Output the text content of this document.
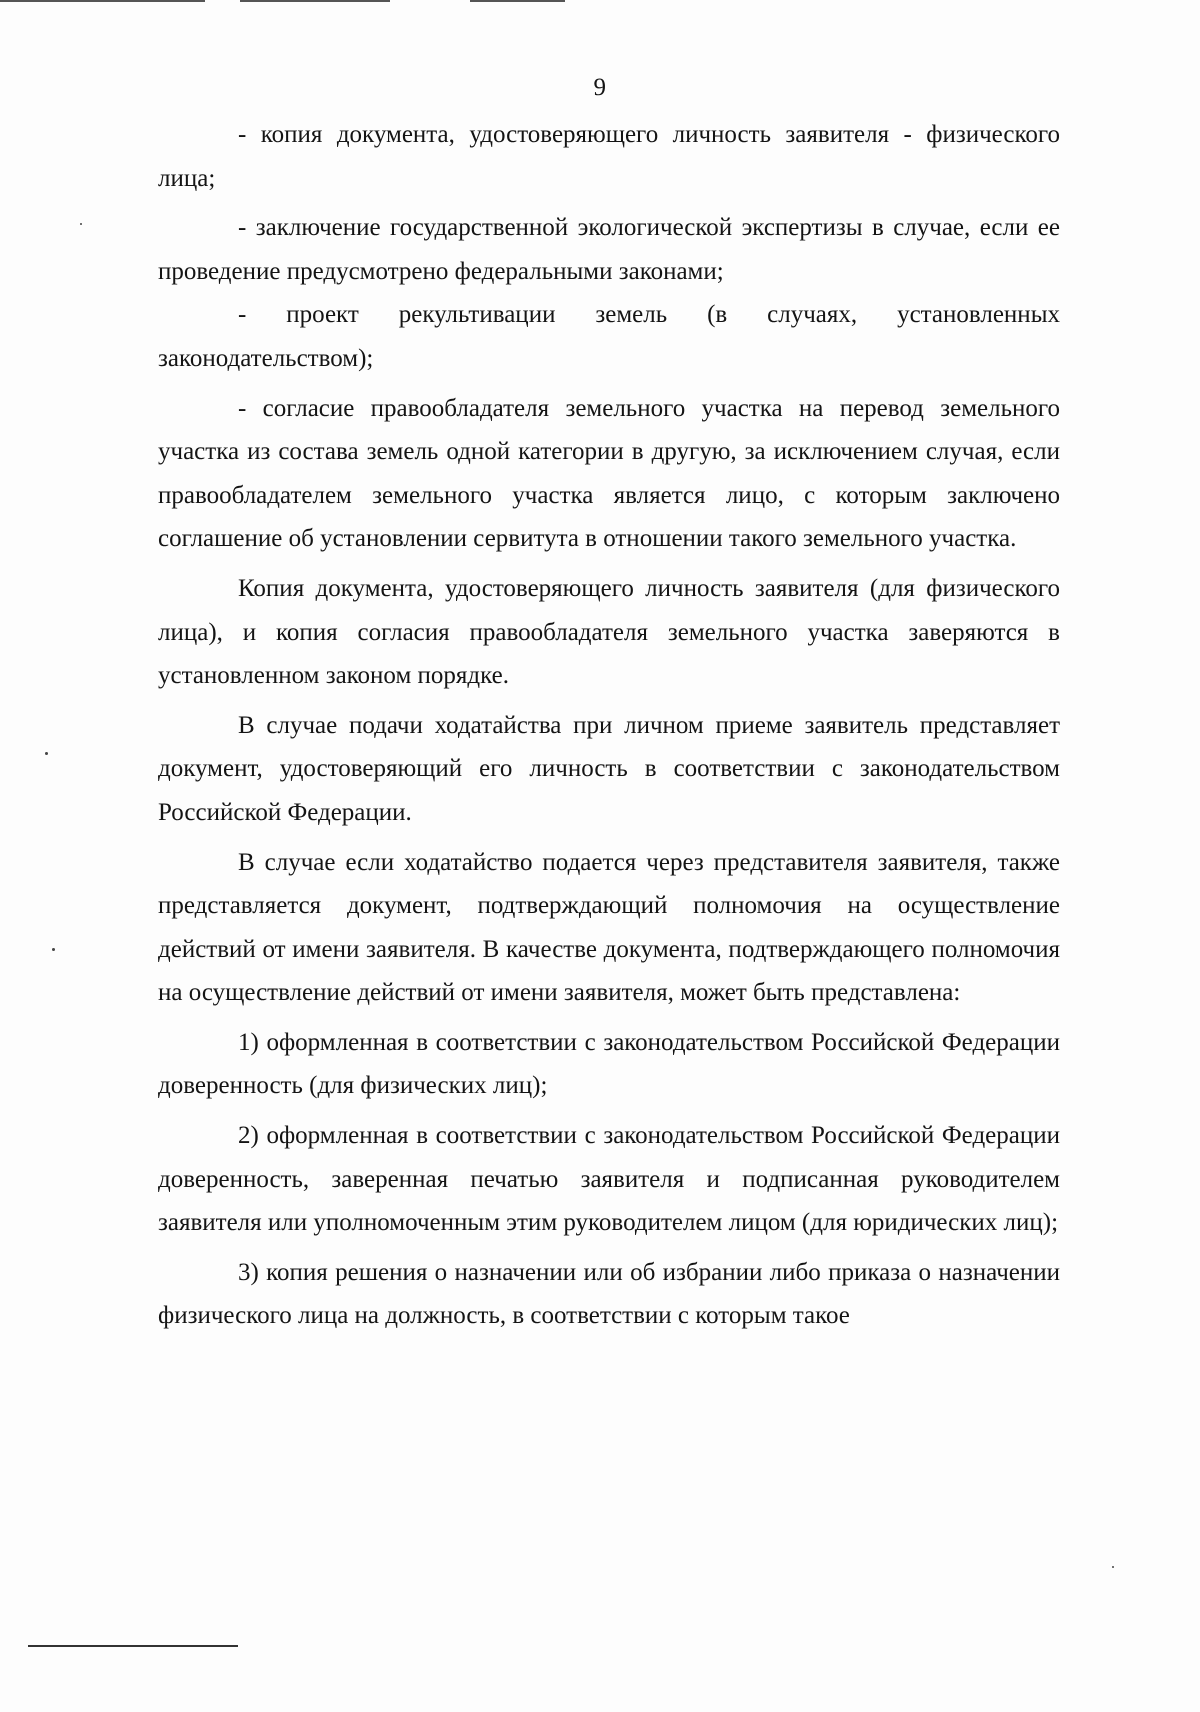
9

- копия документа, удостоверяющего личность заявителя - физического лица;

- заключение государственной экологической экспертизы в случае, если ее проведение предусмотрено федеральными законами;

- проект рекультивации земель (в случаях, установленных законодательством);

- согласие правообладателя земельного участка на перевод земельного участка из состава земель одной категории в другую, за исключением случая, если правообладателем земельного участка является лицо, с которым заключено соглашение об установлении сервитута в отношении такого земельного участка.

Копия документа, удостоверяющего личность заявителя (для физического лица), и копия согласия правообладателя земельного участка заверяются в установленном законом порядке.

В случае подачи ходатайства при личном приеме заявитель представляет документ, удостоверяющий его личность в соответствии с законодательством Российской Федерации.

В случае если ходатайство подается через представителя заявителя, также представляется документ, подтверждающий полномочия на осуществление действий от имени заявителя. В качестве документа, подтверждающего полномочия на осуществление действий от имени заявителя, может быть представлена:

1) оформленная в соответствии с законодательством Российской Федерации доверенность (для физических лиц);

2) оформленная в соответствии с законодательством Российской Федерации доверенность, заверенная печатью заявителя и подписанная руководителем заявителя или уполномоченным этим руководителем лицом (для юридических лиц);

3) копия решения о назначении или об избрании либо приказа о назначении физического лица на должность, в соответствии с которым такое
